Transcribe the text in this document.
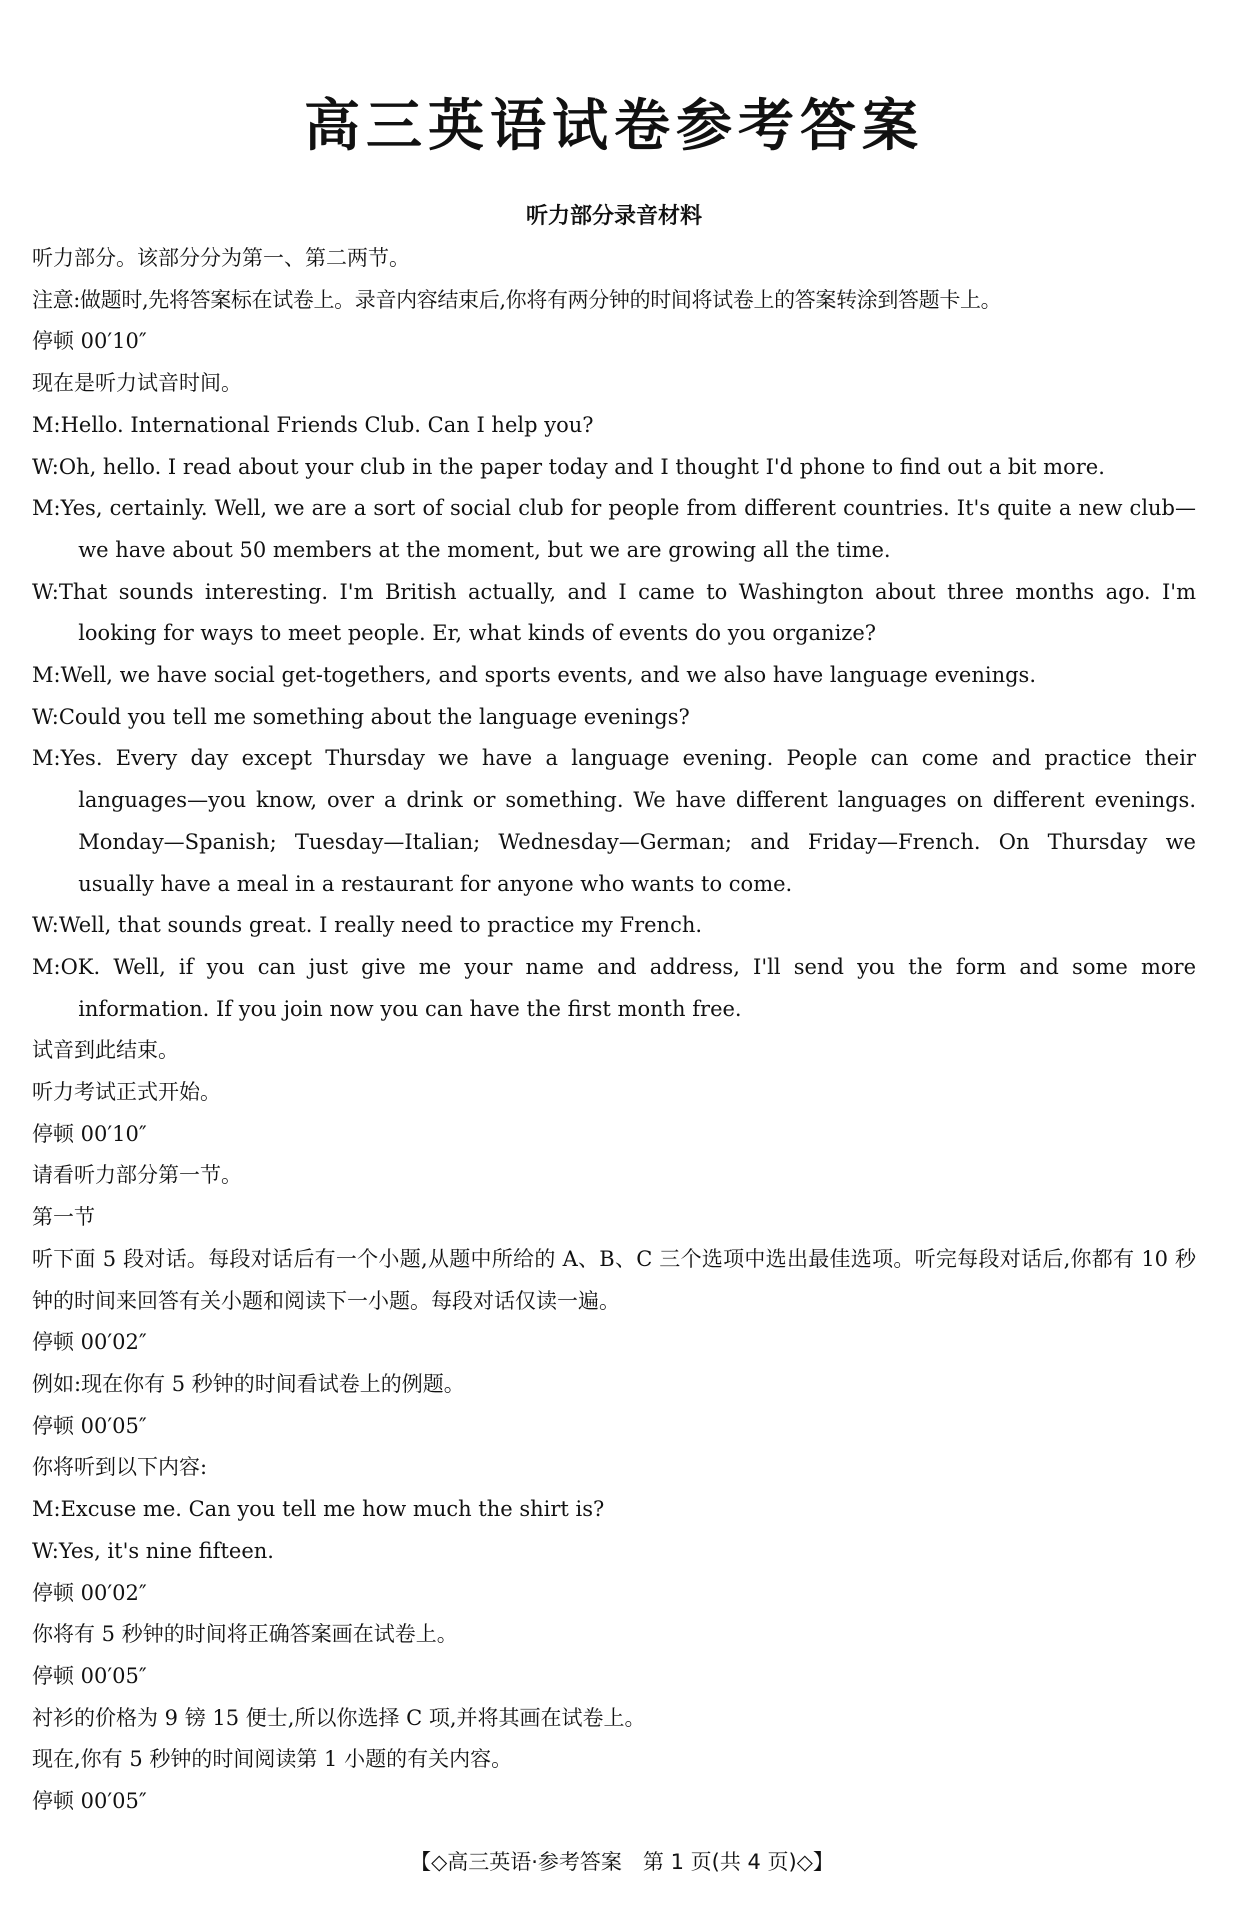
高三英语试卷参考答案
听力部分录音材料
听力部分。该部分分为第一、第二两节。
注意:做题时,先将答案标在试卷上。录音内容结束后,你将有两分钟的时间将试卷上的答案转涂到答题卡上。
停顿 00′10″
现在是听力试音时间。
M:Hello. International Friends Club. Can I help you?
W:Oh, hello. I read about your club in the paper today and I thought I'd phone to find out a bit more.
M:Yes, certainly. Well, we are a sort of social club for people from different countries. It's quite a new club—we have about 50 members at the moment, but we are growing all the time.
W:That sounds interesting. I'm British actually, and I came to Washington about three months ago. I'm looking for ways to meet people. Er, what kinds of events do you organize?
M:Well, we have social get-togethers, and sports events, and we also have language evenings.
W:Could you tell me something about the language evenings?
M:Yes. Every day except Thursday we have a language evening. People can come and practice their languages—you know, over a drink or something. We have different languages on different evenings. Monday—Spanish; Tuesday—Italian; Wednesday—German; and Friday—French. On Thursday we usually have a meal in a restaurant for anyone who wants to come.
W:Well, that sounds great. I really need to practice my French.
M:OK. Well, if you can just give me your name and address, I'll send you the form and some more information. If you join now you can have the first month free.
试音到此结束。
听力考试正式开始。
停顿 00′10″
请看听力部分第一节。
第一节
听下面 5 段对话。每段对话后有一个小题,从题中所给的 A、B、C 三个选项中选出最佳选项。听完每段对话后,你都有 10 秒钟的时间来回答有关小题和阅读下一小题。每段对话仅读一遍。
停顿 00′02″
例如:现在你有 5 秒钟的时间看试卷上的例题。
停顿 00′05″
你将听到以下内容:
M:Excuse me. Can you tell me how much the shirt is?
W:Yes, it's nine fifteen.
停顿 00′02″
你将有 5 秒钟的时间将正确答案画在试卷上。
停顿 00′05″
衬衫的价格为 9 镑 15 便士,所以你选择 C 项,并将其画在试卷上。
现在,你有 5 秒钟的时间阅读第 1 小题的有关内容。
停顿 00′05″
【◇高三英语·参考答案　第 1 页(共 4 页)◇】
